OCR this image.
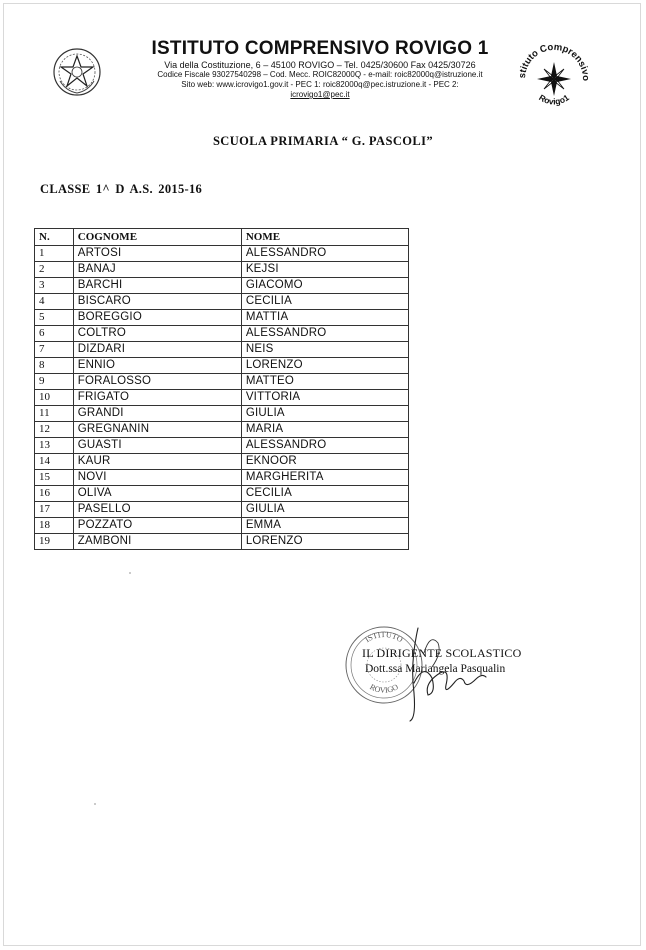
ISTITUTO COMPRENSIVO ROVIGO 1
Via della Costituzione, 6 – 45100 ROVIGO – Tel. 0425/30600 Fax 0425/30726
Codice Fiscale 93027540298 – Cod. Mecc. ROIC82000Q - e-mail: roic82000q@istruzione.it
Sito web: www.icrovigo1.gov.it - PEC 1: roic82000q@pec.istruzione.it - PEC 2:
icrovigo1@pec.it
stituto Comprensivo
Rovigo1
SCUOLA PRIMARIA “ G. PASCOLI”
CLASSE 1^ D A.S. 2015-16
N.	COGNOME	NOME
1	ARTOSI	ALESSANDRO
2	BANAJ	KEJSI
3	BARCHI	GIACOMO
4	BISCARO	CECILIA
5	BOREGGIO	MATTIA
6	COLTRO	ALESSANDRO
7	DIZDARI	NEIS
8	ENNIO	LORENZO
9	FORALOSSO	MATTEO
10	FRIGATO	VITTORIA
11	GRANDI	GIULIA
12	GREGNANIN	MARIA
13	GUASTI	ALESSANDRO
14	KAUR	EKNOOR
15	NOVI	MARGHERITA
16	OLIVA	CECILIA
17	PASELLO	GIULIA
18	POZZATO	EMMA
19	ZAMBONI	LORENZO
ISTITUTO
ROVIGO
IL DIRIGENTE SCOLASTICO
Dott.ssa Mariangela Pasqualin
